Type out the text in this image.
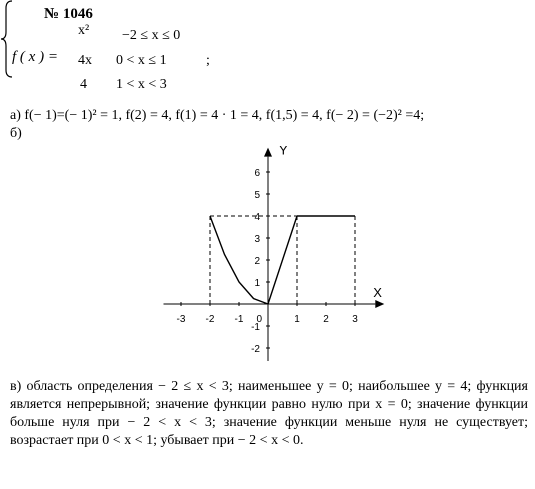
№ 1046
f ( x ) =
x² −2 ≤ x ≤ 0
4x 0 < x ≤ 1
4 1 < x < 3
;
а) f(− 1)=(− 1)² = 1, f(2) = 4, f(1) = 4 · 1 = 4, f(1,5) = 4, f(− 2) = (−2)² =4;
б)
X
Y
-3 -2 -1	1 2 3
-2
-1
1
2
3
4
5
6
0
в) область определения − 2 ≤ x < 3; наименьшее y = 0; наибольшее y = 4; функция является непрерывной; значение функции равно нулю при x = 0; значение функции больше нуля при − 2 < x < 3; значение функции меньше нуля не существует; возрастает при 0 < x < 1; убывает при − 2 < x < 0.
